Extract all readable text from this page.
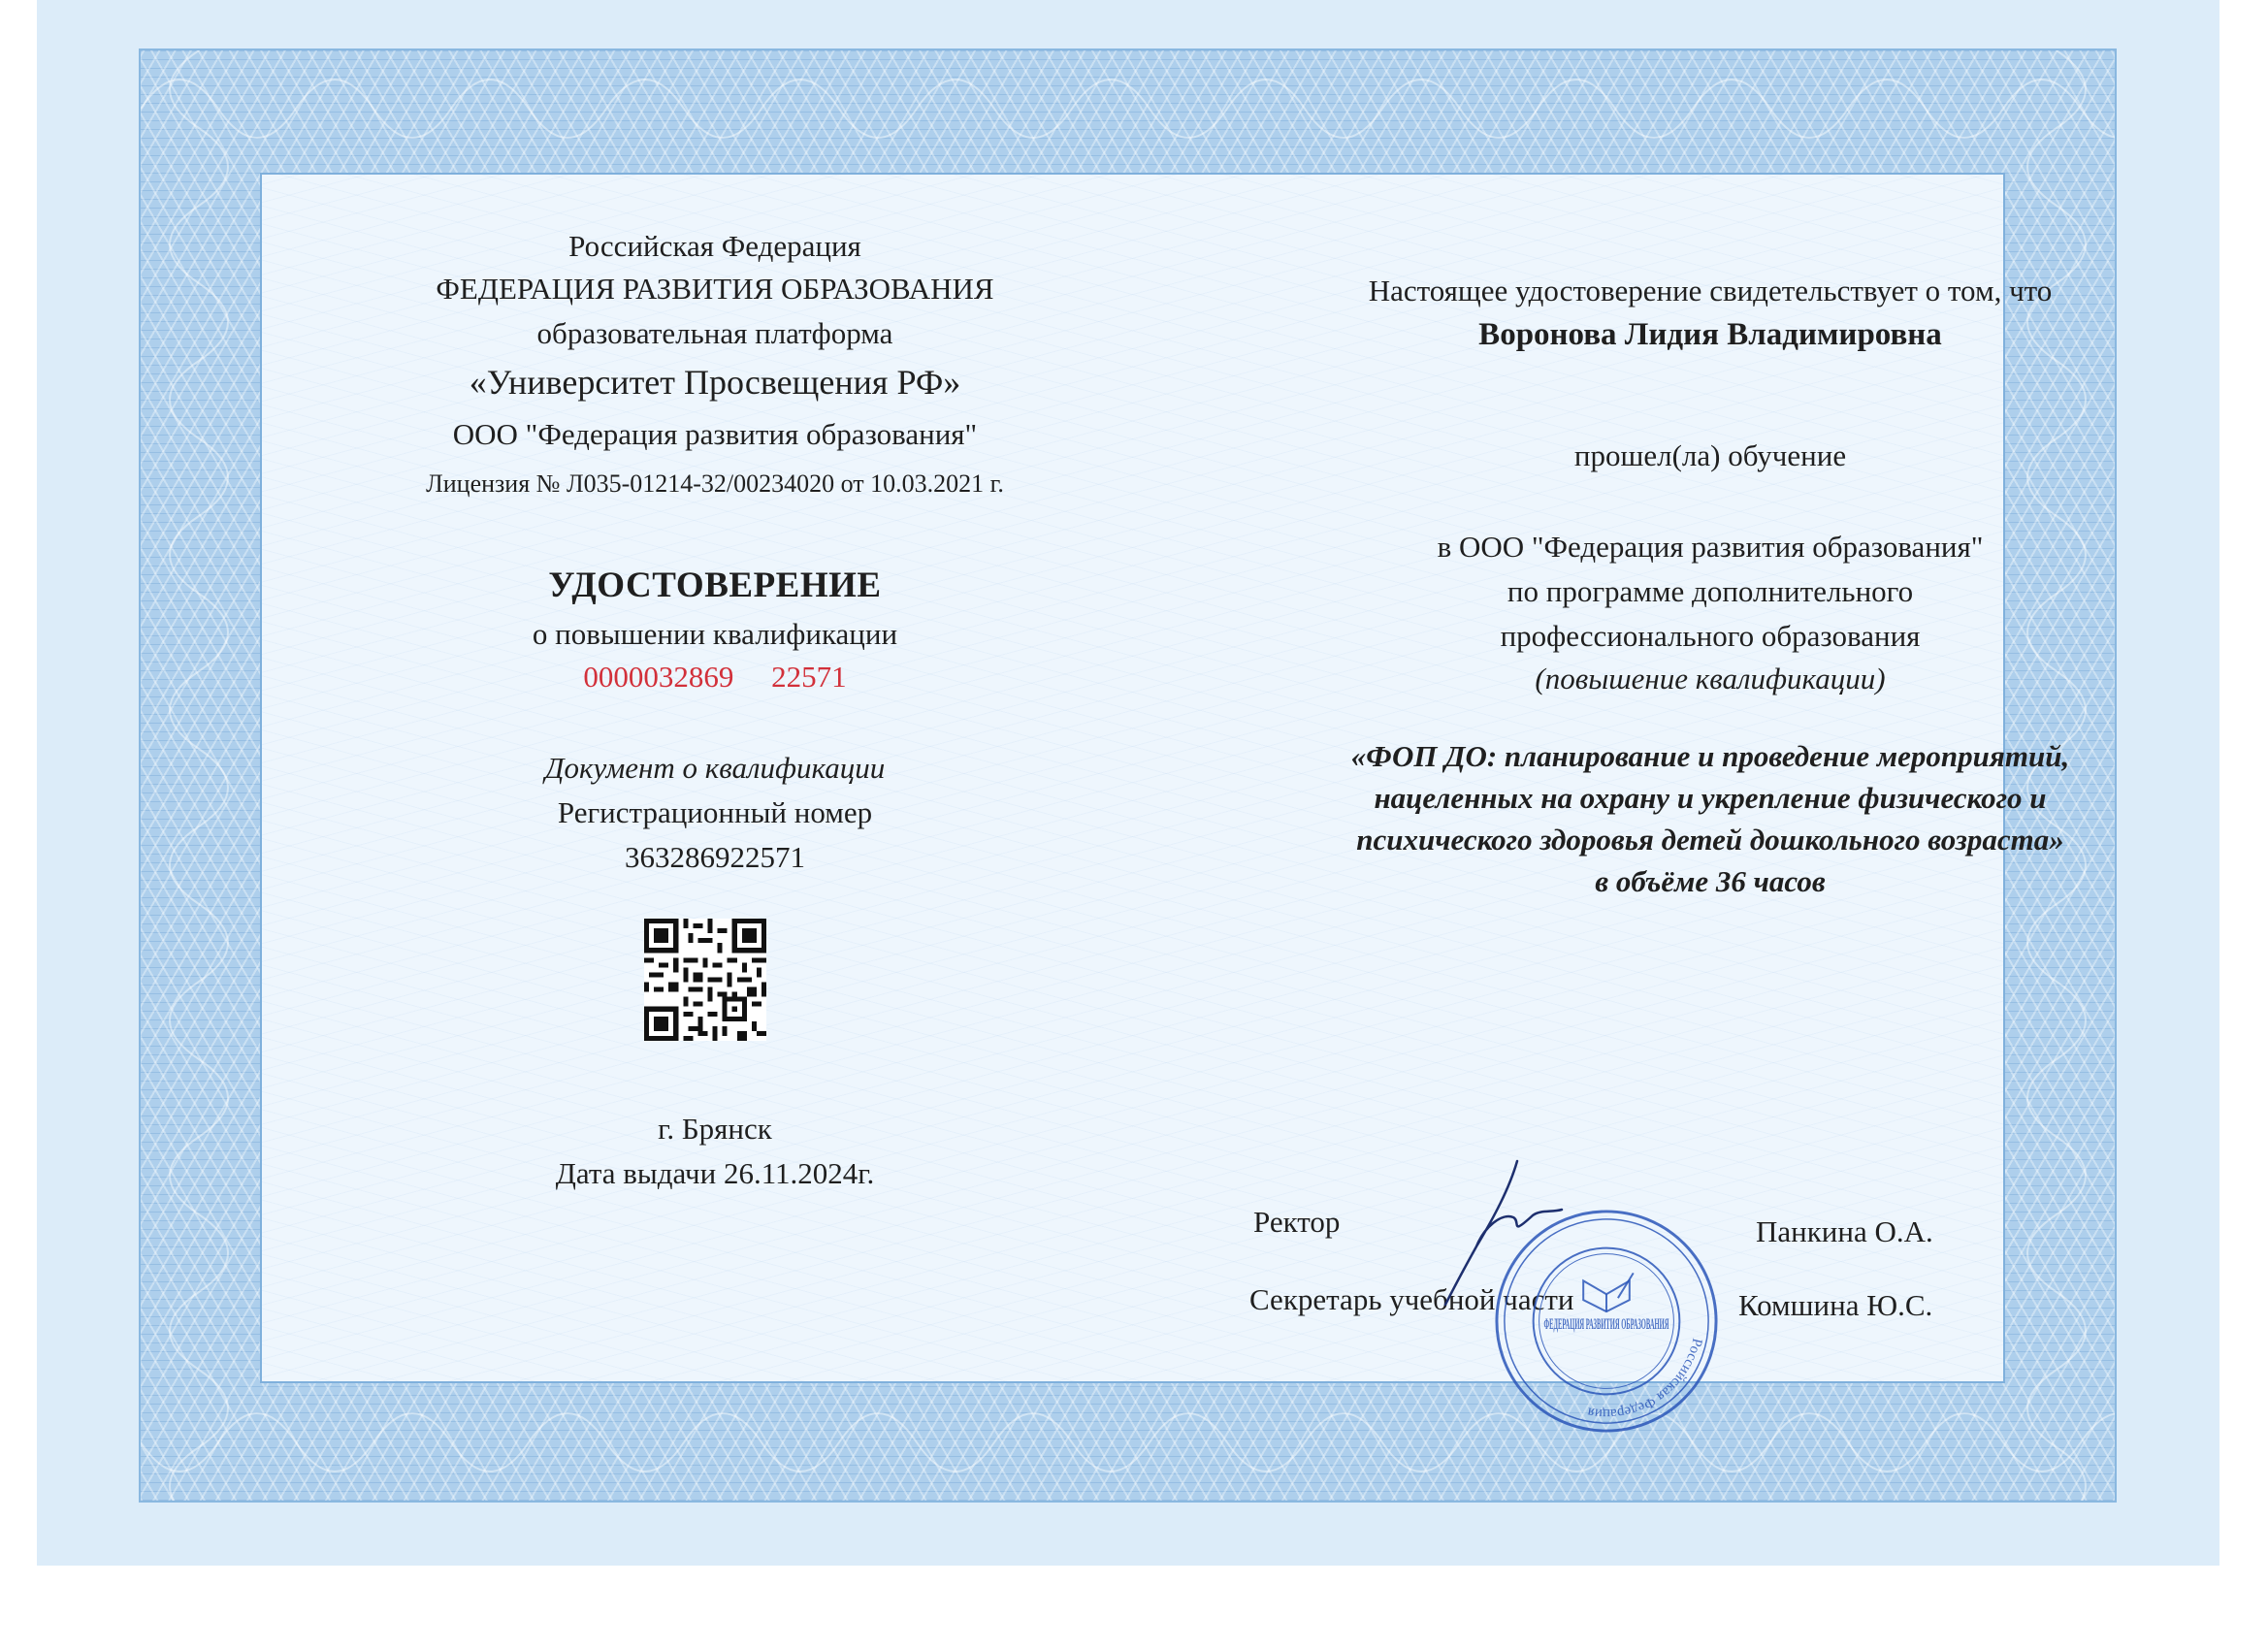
Российская Федерация
ФЕДЕРАЦИЯ РАЗВИТИЯ ОБРАЗОВАНИЯ
образовательная платформа
«Университет Просвещения РФ»
ООО "Федерация развития образования"
Лицензия № Л035-01214-32/00234020 от 10.03.2021 г.
УДОСТОВЕРЕНИЕ
о повышении квалификации
0000032869 22571
Документ о квалификации
Регистрационный номер
363286922571
г. Брянск
Дата выдачи 26.11.2024г.
Настоящее удостоверение свидетельствует о том, что
Воронова Лидия Владимировна
прошел(ла) обучение
в ООО "Федерация развития образования"
по программе дополнительного
профессионального образования
(повышение квалификации)
«ФОП ДО: планирование и проведение мероприятий,
нацеленных на охрану и укрепление физического и
психического здоровья детей дошкольного возраста»
в объёме 36 часов
Ректор	Панкина О.А.
Секретарь учебной части	Комшина Ю.С.
Российская Федерация
ФЕДЕРАЦИЯ РАЗВИТИЯ ОБРАЗОВАНИЯ
